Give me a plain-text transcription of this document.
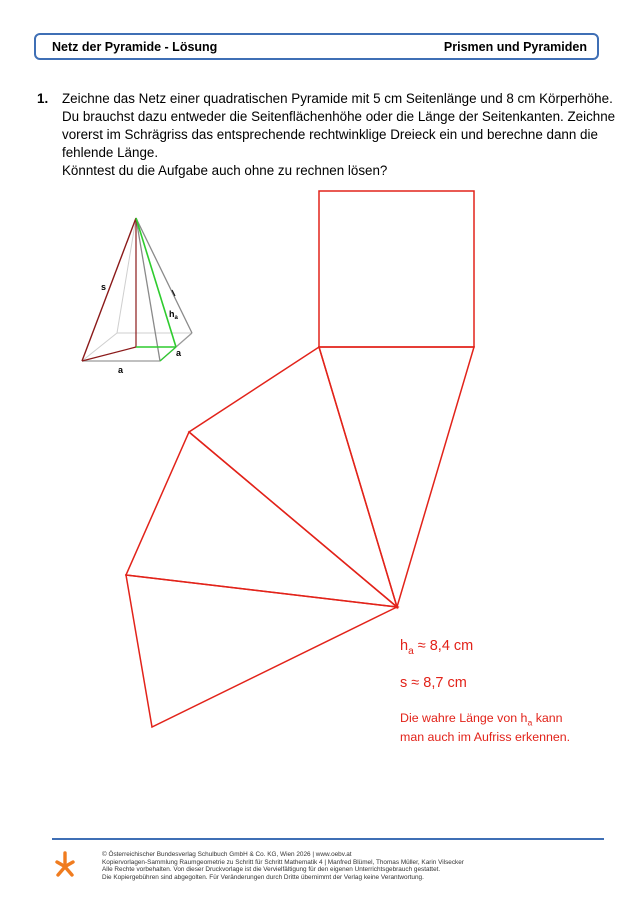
Netz der Pyramide - Lösung	Prismen und Pyramiden
1. Zeichne das Netz einer quadratischen Pyramide mit 5 cm Seitenlänge und 8 cm Körperhöhe.

Du brauchst dazu entweder die Seitenflächenhöhe oder die Länge der Seitenkanten. Zeichne

vorerst im Schrägriss das entsprechende rechtwinklige Dreieck ein und berechne dann die

fehlende Länge.

Könntest du die Aufgabe auch ohne zu rechnen lösen?

s
$h_a$
a
a
$h_a \approx 8,4$ cm
s ≈ 8,7 cm

Die wahre Länge von $h_a$ kann

man auch im Aufriss erkennen.

© Österreichischer Bundesverlag Schulbuch GmbH & Co. KG, Wien 2026 | www.oebv.at

Kopiervorlagen-Sammlung Raumgeometrie zu Schritt für Schritt Mathematik 4 | Manfred Blümel, Thomas Müller, Karin Vilsecker

Alle Rechte vorbehalten. Von dieser Druckvorlage ist die Vervielfältigung für den eigenen Unterrichtsgebrauch gestattet.

Die Kopiergebühren sind abgegolten. Für Veränderungen durch Dritte übernimmt der Verlag keine Verantwortung.
